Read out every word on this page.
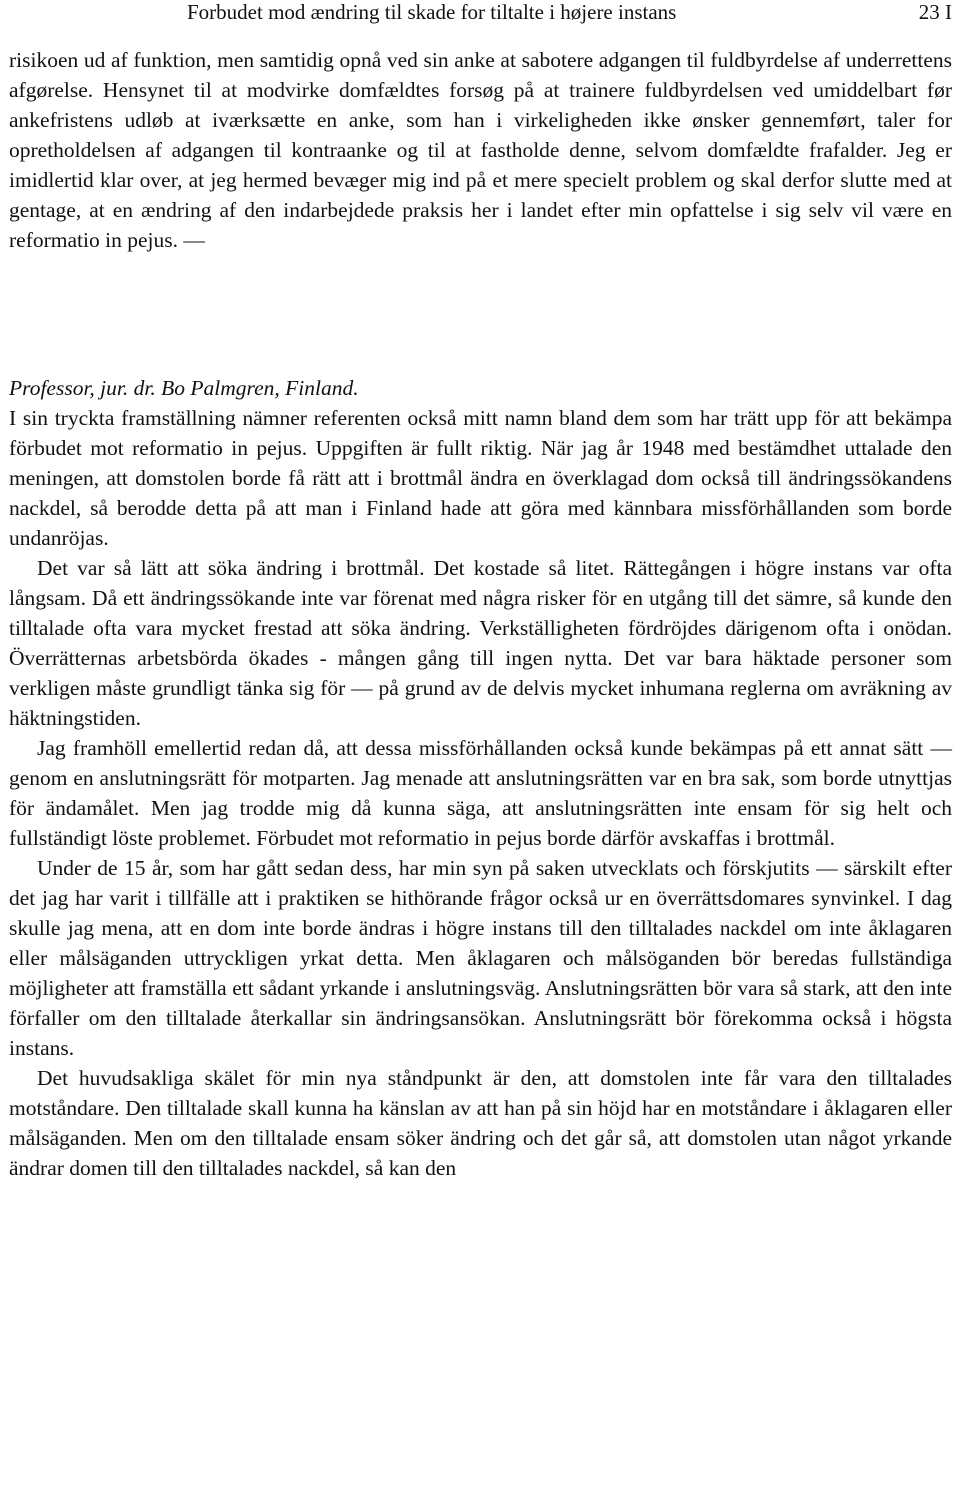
Forbudet mod ændring til skade for tiltalte i højere instans	23 I

risikoen ud af funktion, men samtidig opnå ved sin anke at sabotere adgangen til fuldbyrdelse af underrettens afgørelse. Hensynet til at modvirke domfældtes forsøg på at trainere fuldbyrdelsen ved umiddelbart før ankefristens udløb at iværksætte en anke, som han i virkeligheden ikke ønsker gennemført, taler for opretholdelsen af adgangen til kontraanke og til at fastholde denne, selvom domfældte frafalder. Jeg er imidlertid klar over, at jeg hermed bevæger mig ind på et mere specielt problem og skal derfor slutte med at gentage, at en ændring af den indarbejdede praksis her i landet efter min opfattelse i sig selv vil være en reformatio in pejus. —

Professor, jur. dr. Bo Palmgren, Finland.

I sin tryckta framställning nämner referenten också mitt namn bland dem som har trätt upp för att bekämpa förbudet mot reformatio in pejus. Uppgiften är fullt riktig. När jag år 1948 med bestämdhet uttalade den meningen, att domstolen borde få rätt att i brottmål ändra en överklagad dom också till ändringssökandens nackdel, så berodde detta på att man i Finland hade att göra med kännbara missförhållanden som borde undanröjas.

Det var så lätt att söka ändring i brottmål. Det kostade så litet. Rättegången i högre instans var ofta långsam. Då ett ändringssökande inte var förenat med några risker för en utgång till det sämre, så kunde den tilltalade ofta vara mycket frestad att söka ändring. Verkställigheten fördröjdes därigenom ofta i onödan. Överrätternas arbetsbörda ökades - mången gång till ingen nytta. Det var bara häktade personer som verkligen måste grundligt tänka sig för — på grund av de delvis mycket inhumana reglerna om avräkning av häktningstiden.

Jag framhöll emellertid redan då, att dessa missförhållanden också kunde bekämpas på ett annat sätt — genom en anslutningsrätt för motparten. Jag menade att anslutningsrätten var en bra sak, som borde utnyttjas för ändamålet. Men jag trodde mig då kunna säga, att anslutningsrätten inte ensam för sig helt och fullständigt löste problemet. Förbudet mot reformatio in pejus borde därför avskaffas i brottmål.

Under de 15 år, som har gått sedan dess, har min syn på saken utvecklats och förskjutits — särskilt efter det jag har varit i tillfälle att i praktiken se hithörande frågor också ur en överrättsdomares synvinkel. I dag skulle jag mena, att en dom inte borde ändras i högre instans till den tilltalades nackdel om inte åklagaren eller målsäganden uttryckligen yrkat detta. Men åklagaren och målsöganden bör beredas fullständiga möjligheter att framställa ett sådant yrkande i anslutningsväg. Anslutningsrätten bör vara så stark, att den inte förfaller om den tilltalade återkallar sin ändringsansökan. Anslutningsrätt bör förekomma också i högsta instans.

Det huvudsakliga skälet för min nya ståndpunkt är den, att domstolen inte får vara den tilltalades motståndare. Den tilltalade skall kunna ha känslan av att han på sin höjd har en motståndare i åklagaren eller målsäganden. Men om den tilltalade ensam söker ändring och det går så, att domstolen utan något yrkande ändrar domen till den tilltalades nackdel, så kan den
